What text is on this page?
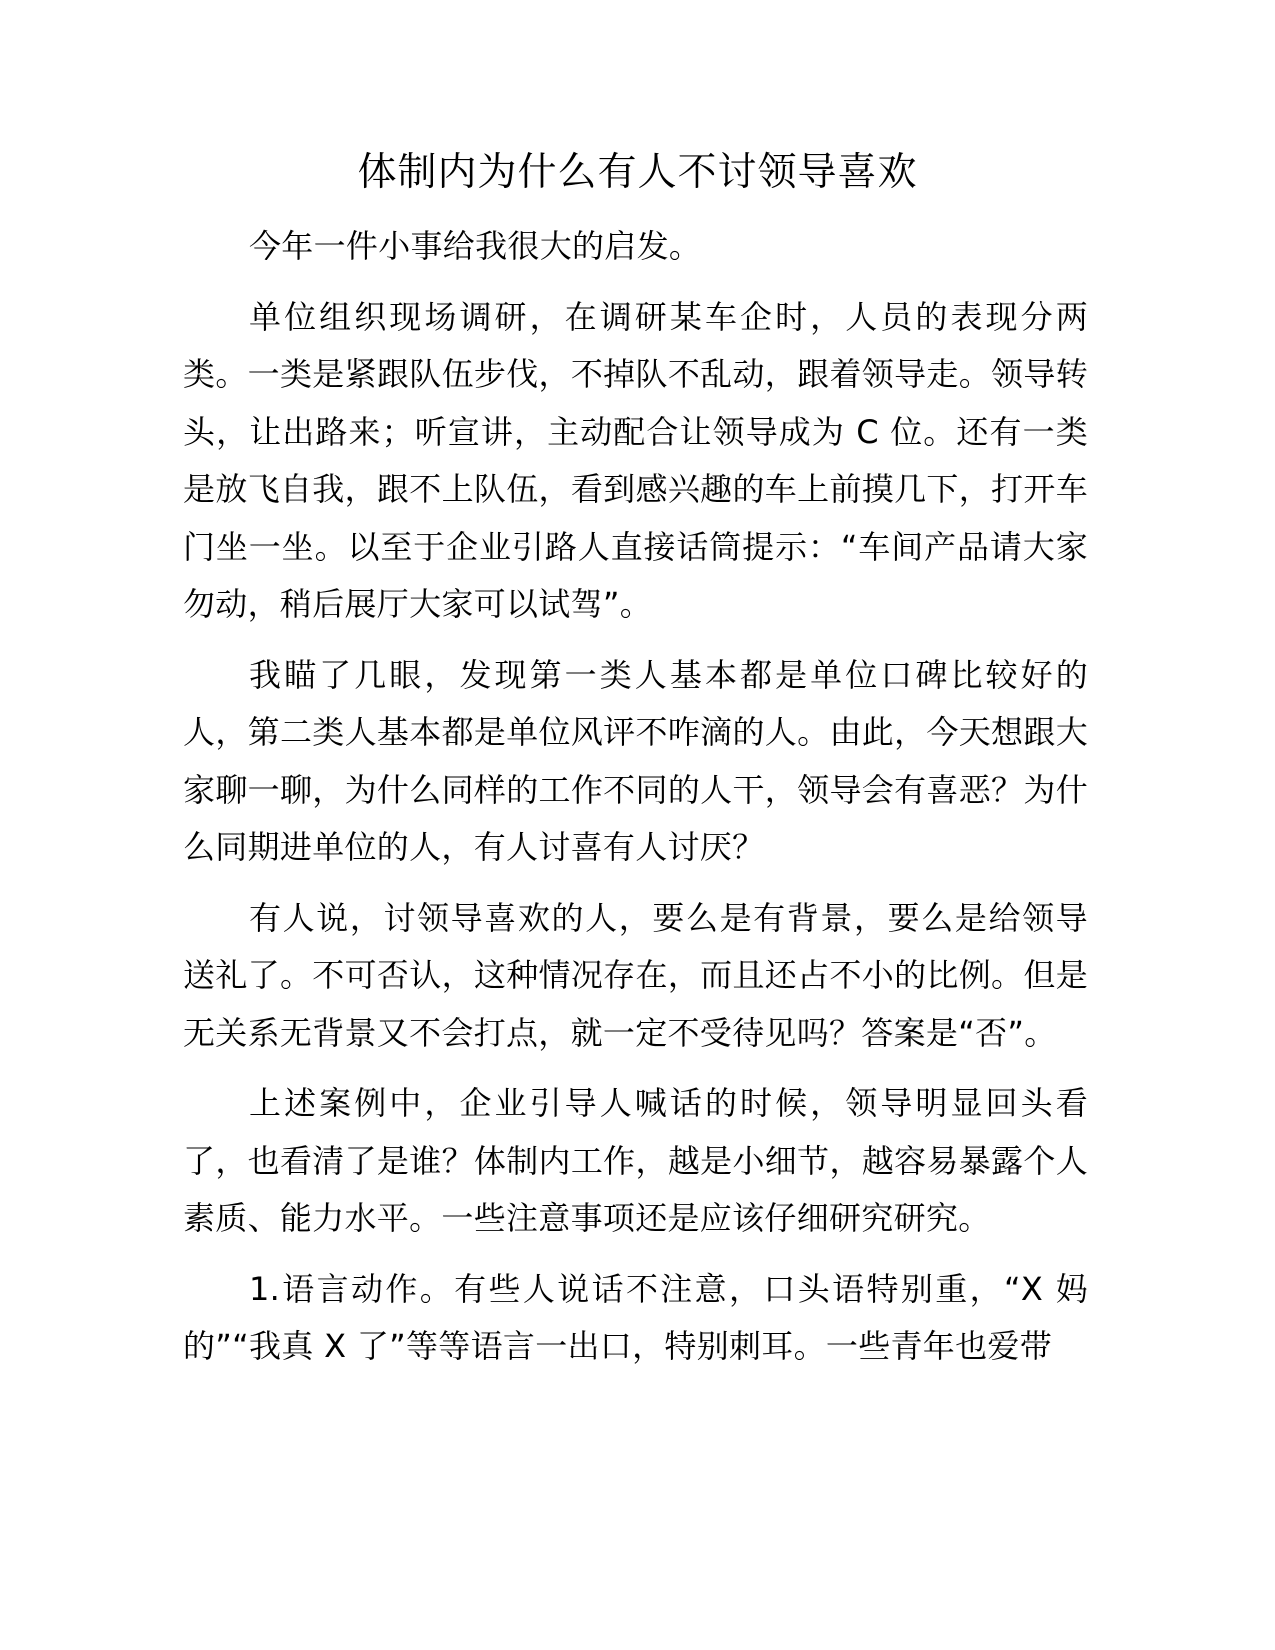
体制内为什么有人不讨领导喜欢

今年一件小事给我很大的启发。

单位组织现场调研，在调研某车企时，人员的表现分两类。一类是紧跟队伍步伐，不掉队不乱动，跟着领导走。领导转头，让出路来；听宣讲，主动配合让领导成为 C 位。还有一类是放飞自我，跟不上队伍，看到感兴趣的车上前摸几下，打开车门坐一坐。以至于企业引路人直接话筒提示：“车间产品请大家勿动，稍后展厅大家可以试驾”。

我瞄了几眼，发现第一类人基本都是单位口碑比较好的人，第二类人基本都是单位风评不咋滴的人。由此，今天想跟大家聊一聊，为什么同样的工作不同的人干，领导会有喜恶？为什么同期进单位的人，有人讨喜有人讨厌？

有人说，讨领导喜欢的人，要么是有背景，要么是给领导送礼了。不可否认，这种情况存在，而且还占不小的比例。但是无关系无背景又不会打点，就一定不受待见吗？答案是“否”。

上述案例中，企业引导人喊话的时候，领导明显回头看了，也看清了是谁？体制内工作，越是小细节，越容易暴露个人素质、能力水平。一些注意事项还是应该仔细研究研究。

1.语言动作。有些人说话不注意，口头语特别重，“X 妈的”“我真 X 了”等等语言一出口，特别刺耳。一些青年也爱带
